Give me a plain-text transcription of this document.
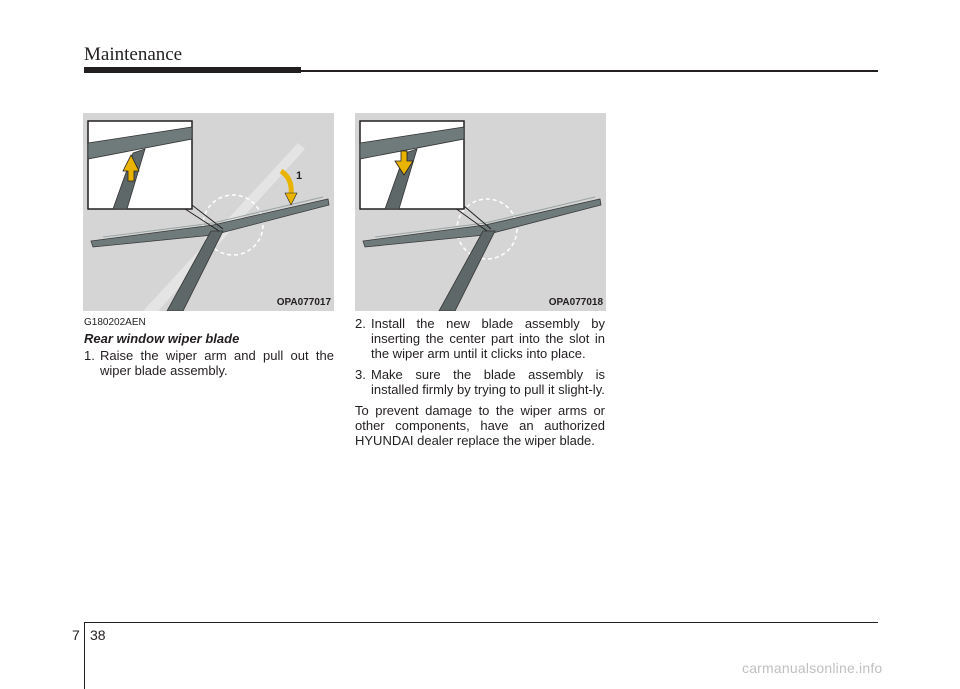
Maintenance
1
OPA077017	OPA077018
G180202AEN
Rear window wiper blade
1. Raise the wiper arm and pull out the wiper blade assembly.
2. Install the new blade assembly by inserting the center part into the slot in the wiper arm until it clicks into place.
3. Make sure the blade assembly is installed firmly by trying to pull it slight-ly.

To prevent damage to the wiper arms or other components, have an authorized HYUNDAI dealer replace the wiper blade.

7 38
carmanualsonline.info
